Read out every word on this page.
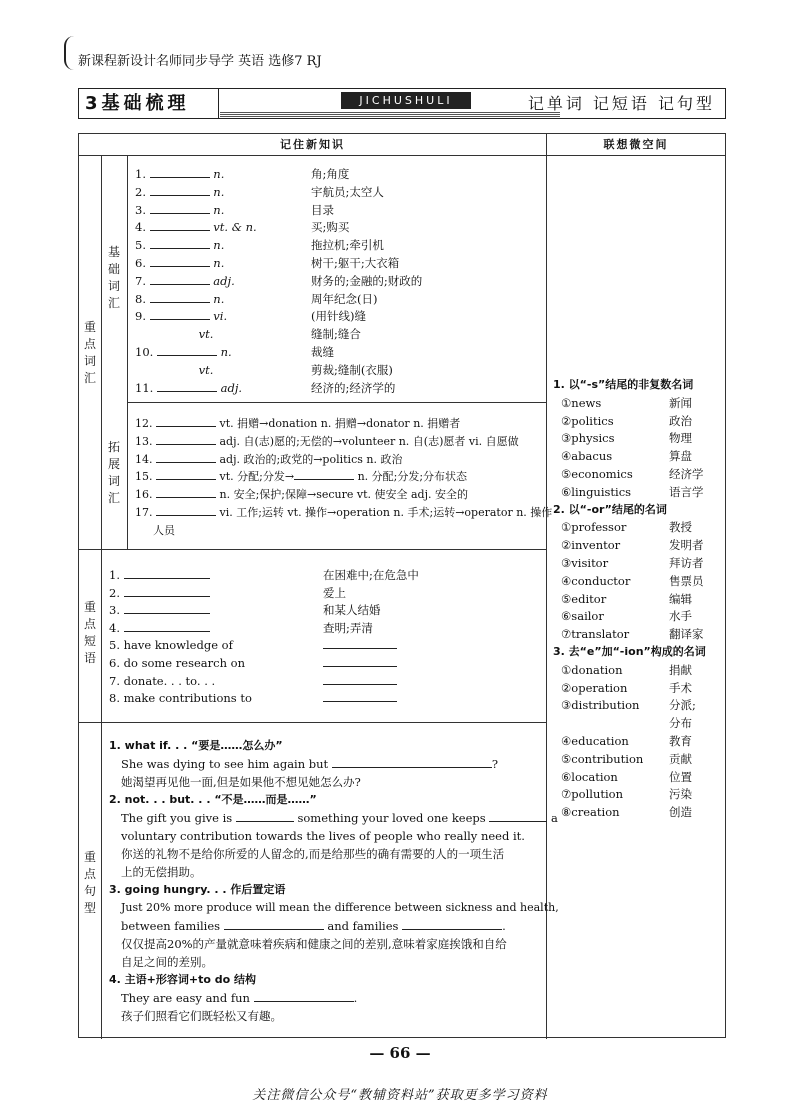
新课程新设计名师同步导学 英语 选修7 RJ
3基础梳理	JICHUSHULI	记单词 记短语 记句型
记住新知识	联想微空间
重点词汇
基础词汇
拓展词汇
重点短语
重点句型
1.	n.	角;角度
2.	n.	宇航员;太空人
3.	n.	目录
4.	vt. & n.	买;购买
5.	n.	拖拉机;牵引机
6.	n.	树干;躯干;大衣箱
7.	adj.	财务的;金融的;财政的
8.	n.	周年纪念(日)
9.	vi.	(用针线)缝
vt.	缝制;缝合
10.	n.	裁缝
vt.	剪裁;缝制(衣服)
11.	adj.	经济的;经济学的
12.	vt. 捐赠→donation n. 捐赠→donator n. 捐赠者
13.	adj. 自(志)愿的;无偿的→volunteer n. 自(志)愿者 vi. 自愿做
14.	adj. 政治的;政党的→politics n. 政治
15.	vt. 分配;分发→	n. 分配;分发;分布状态
16.	n. 安全;保护;保障→secure vt. 使安全 adj. 安全的
17.	vi. 工作;运转 vt. 操作→operation n. 手术;运转→operator n. 操作
人员
1.	在困难中;在危急中
2.	爱上
3.	和某人结婚
4.	查明;弄清
5. have knowledge of
6. do some research on
7. donate. . . to. . .
8. make contributions to
1. what if. . . “要是……怎么办”
She was dying to see him again but	?
她渴望再见他一面,但是如果他不想见她怎么办?
2. not. . . but. . . “不是……而是……”
The gift you give is	something your loved one keeps	a
voluntary contribution towards the lives of people who really need it.
你送的礼物不是给你所爱的人留念的,而是给那些的确有需要的人的一项生活
上的无偿捐助。
3. going hungry. . . 作后置定语
Just 20% more produce will mean the difference between sickness and health,
between families	and families	.
仅仅提高20%的产量就意味着疾病和健康之间的差别,意味着家庭挨饿和自给
自足之间的差别。
4. 主语+形容词+to do 结构
They are easy and fun	.
孩子们照看它们既轻松又有趣。
1. 以“-s”结尾的非复数名词
①news	新闻
②politics	政治
③physics	物理
④abacus	算盘
⑤economics	经济学
⑥linguistics	语言学
2. 以“-or”结尾的名词
①professor	教授
②inventor	发明者
③visitor	拜访者
④conductor	售票员
⑤editor	编辑
⑥sailor	水手
⑦translator	翻译家
3. 去“e”加“-ion”构成的名词
①donation	捐献
②operation	手术
③distribution	分派;
分布
④education	教育
⑤contribution 贡献
⑥location	位置
⑦pollution	污染
⑧creation	创造
— 66 —
关注微信公众号“教辅资料站”获取更多学习资料
